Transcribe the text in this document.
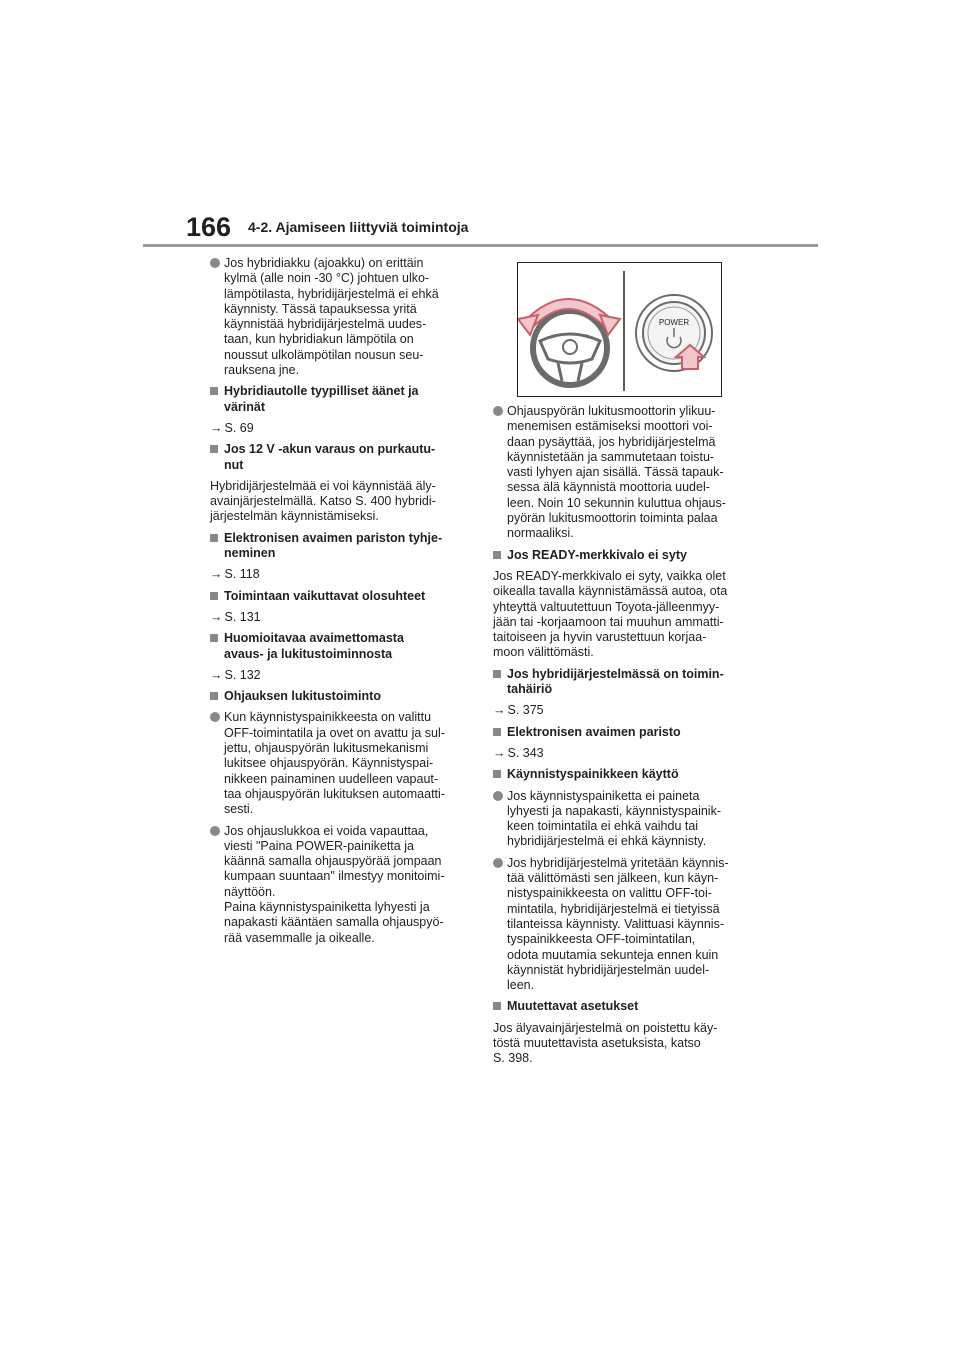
166 4-2. Ajamiseen liittyviä toimintoja
Jos hybridiakku (ajoakku) on erittäin
kylmä (alle noin -30 °C) johtuen ulko-
lämpötilasta, hybridijärjestelmä ei ehkä
käynnisty. Tässä tapauksessa yritä
käynnistää hybridijärjestelmä uudes-
taan, kun hybridiakun lämpötila on
noussut ulkolämpötilan nousun seu-
rauksena jne.
Hybridiautolle tyypilliset äänet ja
värinät
→ S. 69
Jos 12 V -akun varaus on purkautu-
nut
Hybridijärjestelmää ei voi käynnistää äly-
avainjärjestelmällä. Katso S. 400 hybridi-
järjestelmän käynnistämiseksi.
Elektronisen avaimen pariston tyhje-
neminen
→ S. 118
Toimintaan vaikuttavat olosuhteet
→ S. 131
Huomioitavaa avaimettomasta
avaus- ja lukitustoiminnosta
→ S. 132
Ohjauksen lukitustoiminto
Kun käynnistyspainikkeesta on valittu
OFF-toimintatila ja ovet on avattu ja sul-
jettu, ohjauspyörän lukitusmekanismi
lukitsee ohjauspyörän. Käynnistyspai-
nikkeen painaminen uudelleen vapaut-
taa ohjauspyörän lukituksen automaatti-
sesti.
Jos ohjauslukkoa ei voida vapauttaa,
viesti "Paina POWER-painiketta ja
käännä samalla ohjauspyörää jompaan
kumpaan suuntaan" ilmestyy monitoimi-
näyttöön.
Paina käynnistyspainiketta lyhyesti ja
napakasti kääntäen samalla ohjauspyö-
rää vasemmalle ja oikealle.
POWER
Ohjauspyörän lukitusmoottorin ylikuu-
menemisen estämiseksi moottori voi-
daan pysäyttää, jos hybridijärjestelmä
käynnistetään ja sammutetaan toistu-
vasti lyhyen ajan sisällä. Tässä tapauk-
sessa älä käynnistä moottoria uudel-
leen. Noin 10 sekunnin kuluttua ohjaus-
pyörän lukitusmoottorin toiminta palaa
normaaliksi.
Jos READY-merkkivalo ei syty
Jos READY-merkkivalo ei syty, vaikka olet
oikealla tavalla käynnistämässä autoa, ota
yhteyttä valtuutettuun Toyota-jälleenmyy-
jään tai -korjaamoon tai muuhun ammatti-
taitoiseen ja hyvin varustettuun korjaa-
moon välittömästi.
Jos hybridijärjestelmässä on toimin-
tahäiriö
→ S. 375
Elektronisen avaimen paristo
→ S. 343
Käynnistyspainikkeen käyttö
Jos käynnistyspainiketta ei paineta
lyhyesti ja napakasti, käynnistyspainik-
keen toimintatila ei ehkä vaihdu tai
hybridijärjestelmä ei ehkä käynnisty.
Jos hybridijärjestelmä yritetään käynnis-
tää välittömästi sen jälkeen, kun käyn-
nistyspainikkeesta on valittu OFF-toi-
mintatila, hybridijärjestelmä ei tietyissä
tilanteissa käynnisty. Valittuasi käynnis-
tyspainikkeesta OFF-toimintatilan,
odota muutamia sekunteja ennen kuin
käynnistät hybridijärjestelmän uudel-
leen.
Muutettavat asetukset
Jos älyavainjärjestelmä on poistettu käy-
töstä muutettavista asetuksista, katso
S. 398.
